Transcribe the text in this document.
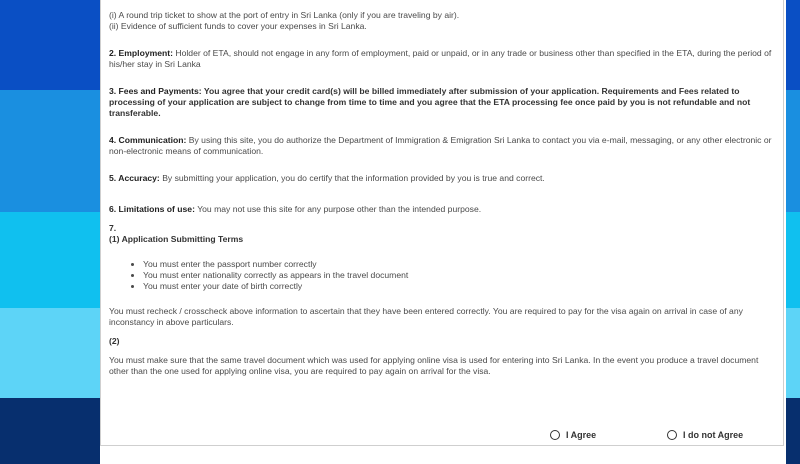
(i) A round trip ticket to show at the port of entry in Sri Lanka (only if you are traveling by air).

(ii) Evidence of sufficient funds to cover your expenses in Sri Lanka.

2. Employment: Holder of ETA, should not engage in any form of employment, paid or unpaid, or in any trade or business other than specified in the ETA, during the period of his/her stay in Sri Lanka

3. Fees and Payments: You agree that your credit card(s) will be billed immediately after submission of your application. Requirements and Fees related to processing of your application are subject to change from time to time and you agree that the ETA processing fee once paid by you is not refundable and not transferable.

4. Communication: By using this site, you do authorize the Department of Immigration & Emigration Sri Lanka to contact you via e-mail, messaging, or any other electronic or non-electronic means of communication.

5. Accuracy: By submitting your application, you do certify that the information provided by you is true and correct.

6. Limitations of use: You may not use this site for any purpose other than the intended purpose.

7.

(1) Application Submitting Terms

• You must enter the passport number correctly
• You must enter nationality correctly as appears in the travel document
• You must enter your date of birth correctly

You must recheck / crosscheck above information to ascertain that they have been entered correctly. You are required to pay for the visa again on arrival in case of any inconstancy in above particulars.

(2)

You must make sure that the same travel document which was used for applying online visa is used for entering into Sri Lanka. In the event you produce a travel document other than the one used for applying online visa, you are required to pay again on arrival for the visa.

I Agree	I do not Agree
